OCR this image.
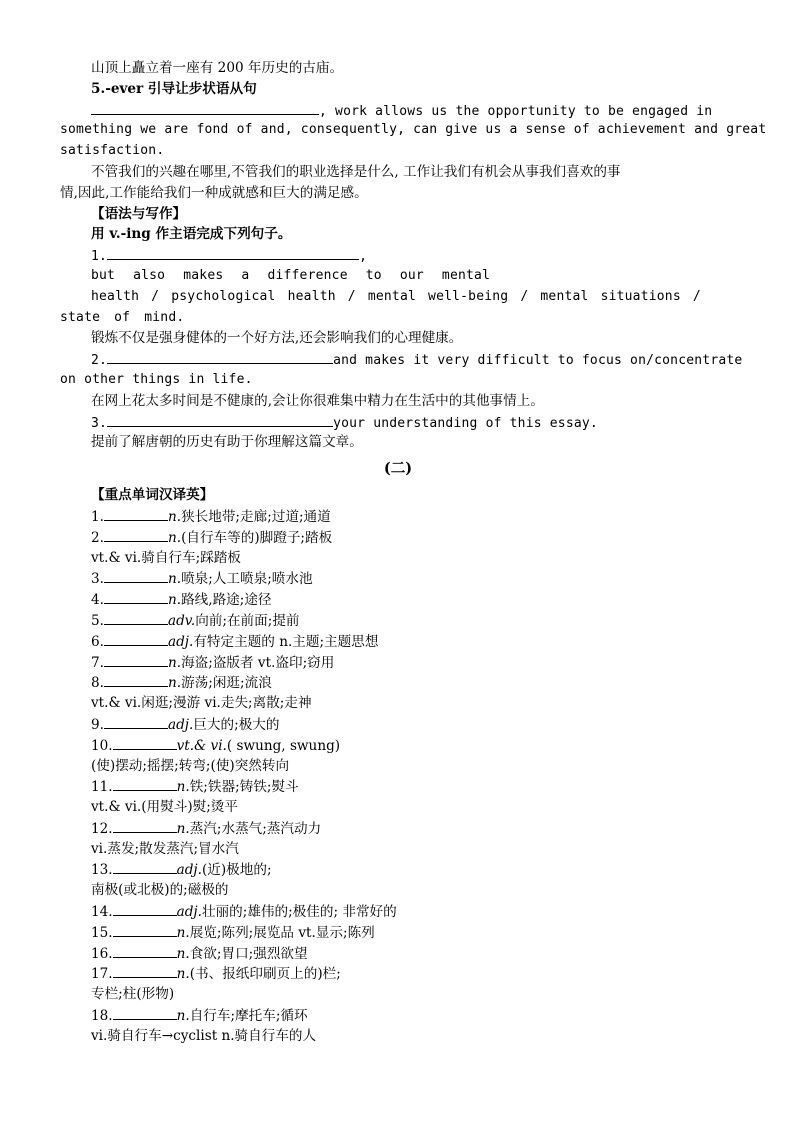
山顶上矗立着一座有 200 年历史的古庙。
5.-ever 引导让步状语从句
, work allows us the opportunity to be engaged in
something we are fond of and, consequently, can give us a sense of achievement and great
satisfaction.
不管我们的兴趣在哪里,不管我们的职业选择是什么, 工作让我们有机会从事我们喜欢的事
情,因此,工作能给我们一种成就感和巨大的满足感。
【语法与写作】
用 v.-ing 作主语完成下列句子。
1.	,
but also makes a difference to our mental
health / psychological health / mental well-being / mental situations /
state of mind.
锻炼不仅是强身健体的一个好方法,还会影响我们的心理健康。
2.	and makes it very difficult to focus on/concentrate
on other things in life.
在网上花太多时间是不健康的,会让你很难集中精力在生活中的其他事情上。
3.	your understanding of this essay.
提前了解唐朝的历史有助于你理解这篇文章。
(二)
【重点单词汉译英】
1.	n.狭长地带;走廊;过道;通道
2.	n.(自行车等的)脚蹬子;踏板
vt.& vi.骑自行车;踩踏板
3.	n.喷泉;人工喷泉;喷水池
4.	n.路线,路途;途径
5.	adv.向前;在前面;提前
6.	adj.有特定主题的 n.主题;主题思想
7.	n.海盗;盗版者 vt.盗印;窃用
8.	n.游荡;闲逛;流浪
vt.& vi.闲逛;漫游 vi.走失;离散;走神
9.	adj.巨大的;极大的
10.	vt.& vi.( swung, swung)
(使)摆动;摇摆;转弯;(使)突然转向
11.	n.铁;铁器;铸铁;熨斗
vt.& vi.(用熨斗)熨;烫平
12.	n.蒸汽;水蒸气;蒸汽动力
vi.蒸发;散发蒸汽;冒水汽
13.	adj.(近)极地的;
南极(或北极)的;磁极的
14.	adj.壮丽的;雄伟的;极佳的; 非常好的
15.	n.展览;陈列;展览品 vt.显示;陈列
16.	n.食欲;胃口;强烈欲望
17.	n.(书、报纸印刷页上的)栏;
专栏;柱(形物)
18.	n.自行车;摩托车;循环
vi.骑自行车→cyclist n.骑自行车的人
